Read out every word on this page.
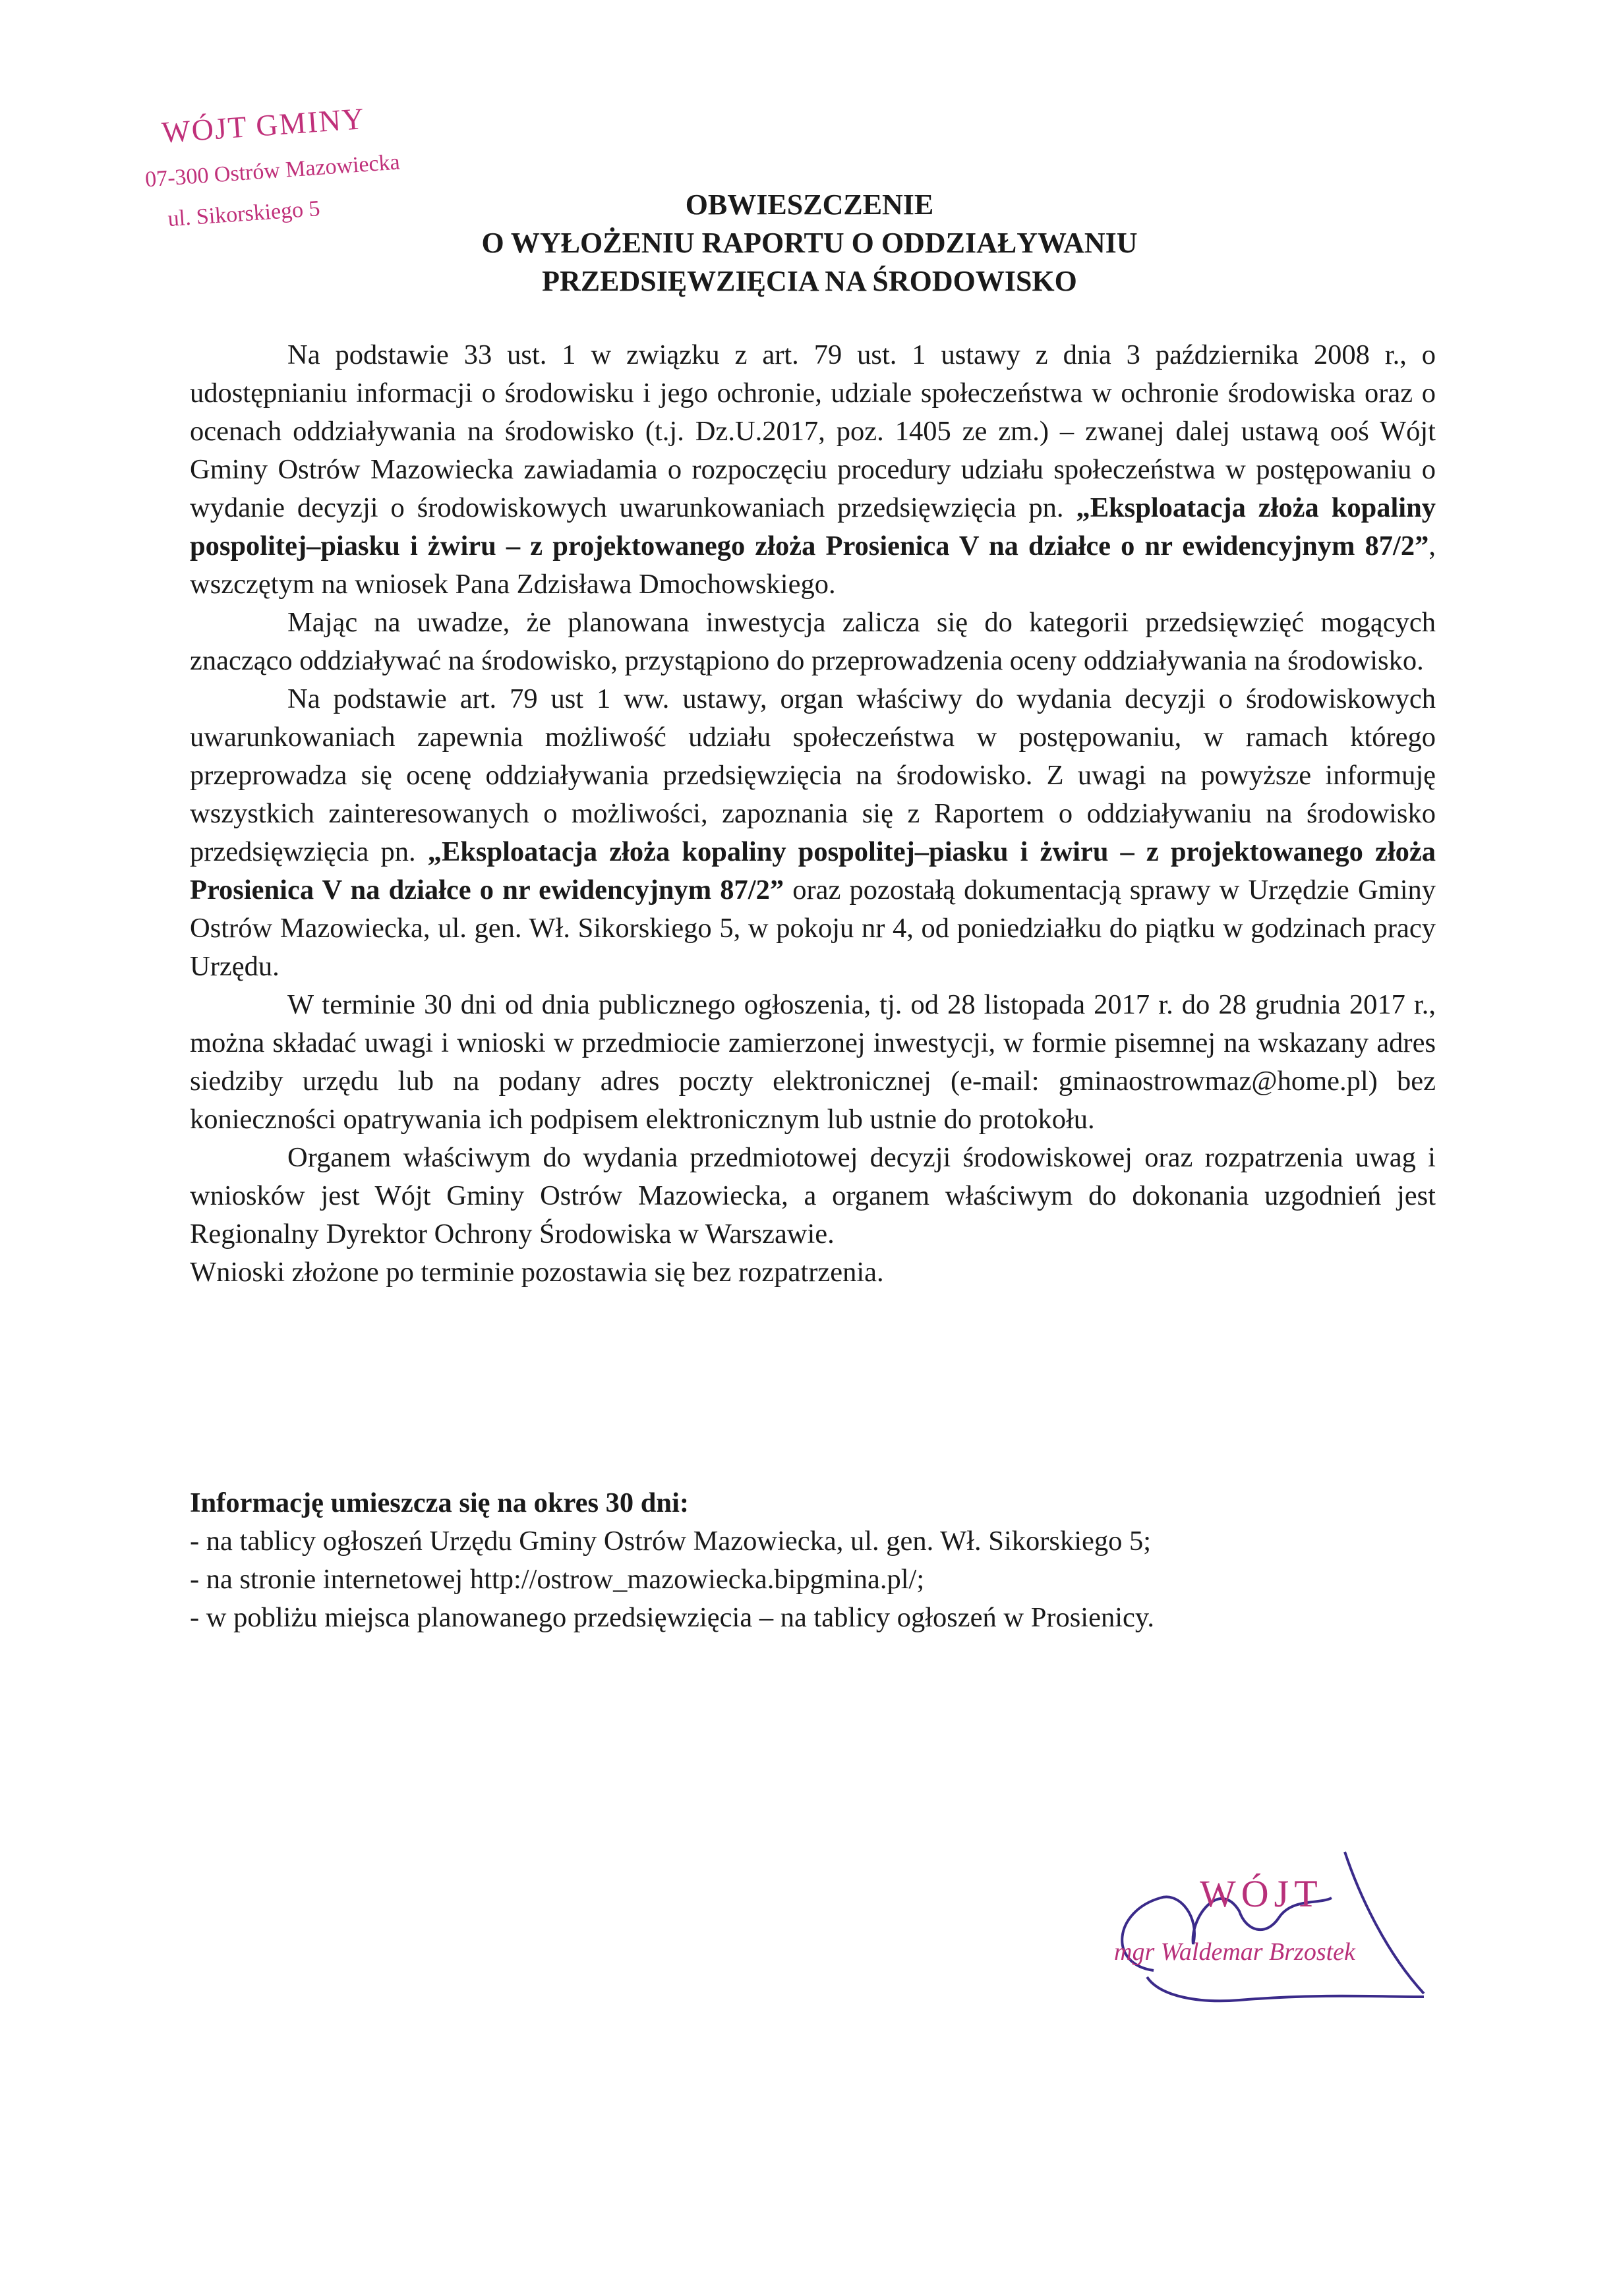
WÓJT GMINY
07-300 Ostrów Mazowiecka
ul. Sikorskiego 5	OBWIESZCZENIE
O WYŁOŻENIU RAPORTU O ODDZIAŁYWANIU
PRZEDSIĘWZIĘCIA NA ŚRODOWISKO

Na podstawie 33 ust. 1 w związku z art. 79 ust. 1 ustawy z dnia 3 października 2008 r., o udostępnianiu informacji o środowisku i jego ochronie, udziale społeczeństwa w ochronie środowiska oraz o ocenach oddziaływania na środowisko (t.j. Dz.U.2017, poz. 1405 ze zm.) – zwanej dalej ustawą ooś Wójt Gminy Ostrów Mazowiecka zawiadamia o rozpoczęciu procedury udziału społeczeństwa w postępowaniu o wydanie decyzji o środowiskowych uwarunkowaniach przedsięwzięcia pn. „Eksploatacja złoża kopaliny pospolitej–piasku i żwiru – z projektowanego złoża Prosienica V na działce o nr ewidencyjnym 87/2”, wszczętym na wniosek Pana Zdzisława Dmochowskiego.

Mając na uwadze, że planowana inwestycja zalicza się do kategorii przedsięwzięć mogących znacząco oddziaływać na środowisko, przystąpiono do przeprowadzenia oceny oddziaływania na środowisko.

Na podstawie art. 79 ust 1 ww. ustawy, organ właściwy do wydania decyzji o środowiskowych uwarunkowaniach zapewnia możliwość udziału społeczeństwa w postępowaniu, w ramach którego przeprowadza się ocenę oddziaływania przedsięwzięcia na środowisko. Z uwagi na powyższe informuję wszystkich zainteresowanych o możliwości, zapoznania się z Raportem o oddziaływaniu na środowisko przedsięwzięcia pn. „Eksploatacja złoża kopaliny pospolitej–piasku i żwiru – z projektowanego złoża Prosienica V na działce o nr ewidencyjnym 87/2” oraz pozostałą dokumentacją sprawy w Urzędzie Gminy Ostrów Mazowiecka, ul. gen. Wł. Sikorskiego 5, w pokoju nr 4, od poniedziałku do piątku w godzinach pracy Urzędu.

W terminie 30 dni od dnia publicznego ogłoszenia, tj. od 28 listopada 2017 r. do 28 grudnia 2017 r., można składać uwagi i wnioski w przedmiocie zamierzonej inwestycji, w formie pisemnej na wskazany adres siedziby urzędu lub na podany adres poczty elektronicznej (e-mail: gminaostrowmaz@home.pl) bez konieczności opatrywania ich podpisem elektronicznym lub ustnie do protokołu.

Organem właściwym do wydania przedmiotowej decyzji środowiskowej oraz rozpatrzenia uwag i wniosków jest Wójt Gminy Ostrów Mazowiecka, a organem właściwym do dokonania uzgodnień jest Regionalny Dyrektor Ochrony Środowiska w Warszawie.

Wnioski złożone po terminie pozostawia się bez rozpatrzenia.

Informację umieszcza się na okres 30 dni:
- na tablicy ogłoszeń Urzędu Gminy Ostrów Mazowiecka, ul. gen. Wł. Sikorskiego 5;
- na stronie internetowej http://ostrow_mazowiecka.bipgmina.pl/;
- w pobliżu miejsca planowanego przedsięwzięcia – na tablicy ogłoszeń w Prosienicy.
WÓJT
mgr Waldemar Brzostek
